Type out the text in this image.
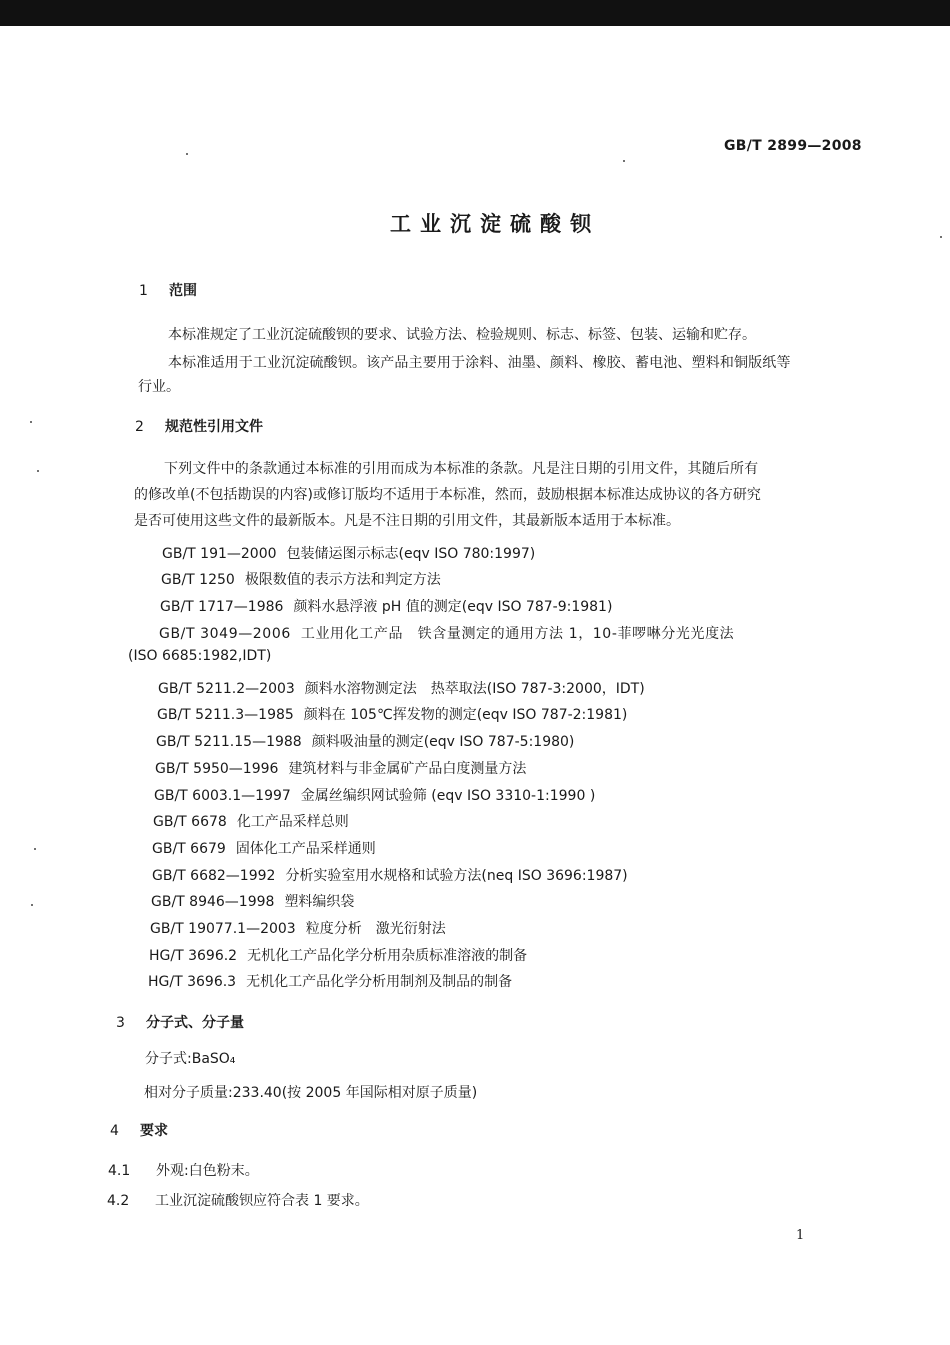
GB/T 2899—2008
工业沉淀硫酸钡
1 范围
本标准规定了工业沉淀硫酸钡的要求、试验方法、检验规则、标志、标签、包装、运输和贮存。
本标准适用于工业沉淀硫酸钡。该产品主要用于涂料、油墨、颜料、橡胶、蓄电池、塑料和铜版纸等
行业。
2 规范性引用文件
下列文件中的条款通过本标准的引用而成为本标准的条款。凡是注日期的引用文件，其随后所有
的修改单(不包括勘误的内容)或修订版均不适用于本标准，然而，鼓励根据本标准达成协议的各方研究
是否可使用这些文件的最新版本。凡是不注日期的引用文件，其最新版本适用于本标准。
GB/T 191—2000 包装储运图示标志(eqv ISO 780:1997)
GB/T 1250 极限数值的表示方法和判定方法
GB/T 1717—1986 颜料水悬浮液 pH 值的测定(eqv ISO 787-9:1981)
GB/T 3049—2006 工业用化工产品　铁含量测定的通用方法 1，10-菲啰啉分光光度法
(ISO 6685:1982,IDT)
GB/T 5211.2—2003 颜料水溶物测定法　热萃取法(ISO 787-3:2000，IDT)
GB/T 5211.3—1985 颜料在 105℃挥发物的测定(eqv ISO 787-2:1981)
GB/T 5211.15—1988 颜料吸油量的测定(eqv ISO 787-5:1980)
GB/T 5950—1996 建筑材料与非金属矿产品白度测量方法
GB/T 6003.1—1997 金属丝编织网试验筛 (eqv ISO 3310-1:1990 )
GB/T 6678 化工产品采样总则
GB/T 6679 固体化工产品采样通则
GB/T 6682—1992 分析实验室用水规格和试验方法(neq ISO 3696:1987)
GB/T 8946—1998 塑料编织袋
GB/T 19077.1—2003 粒度分析　激光衍射法
HG/T 3696.2 无机化工产品化学分析用杂质标准溶液的制备
HG/T 3696.3 无机化工产品化学分析用制剂及制品的制备
3 分子式、分子量
分子式:BaSO₄
相对分子质量:233.40(按 2005 年国际相对原子质量)
4 要求
4.1 外观:白色粉末。
4.2 工业沉淀硫酸钡应符合表 1 要求。
1
